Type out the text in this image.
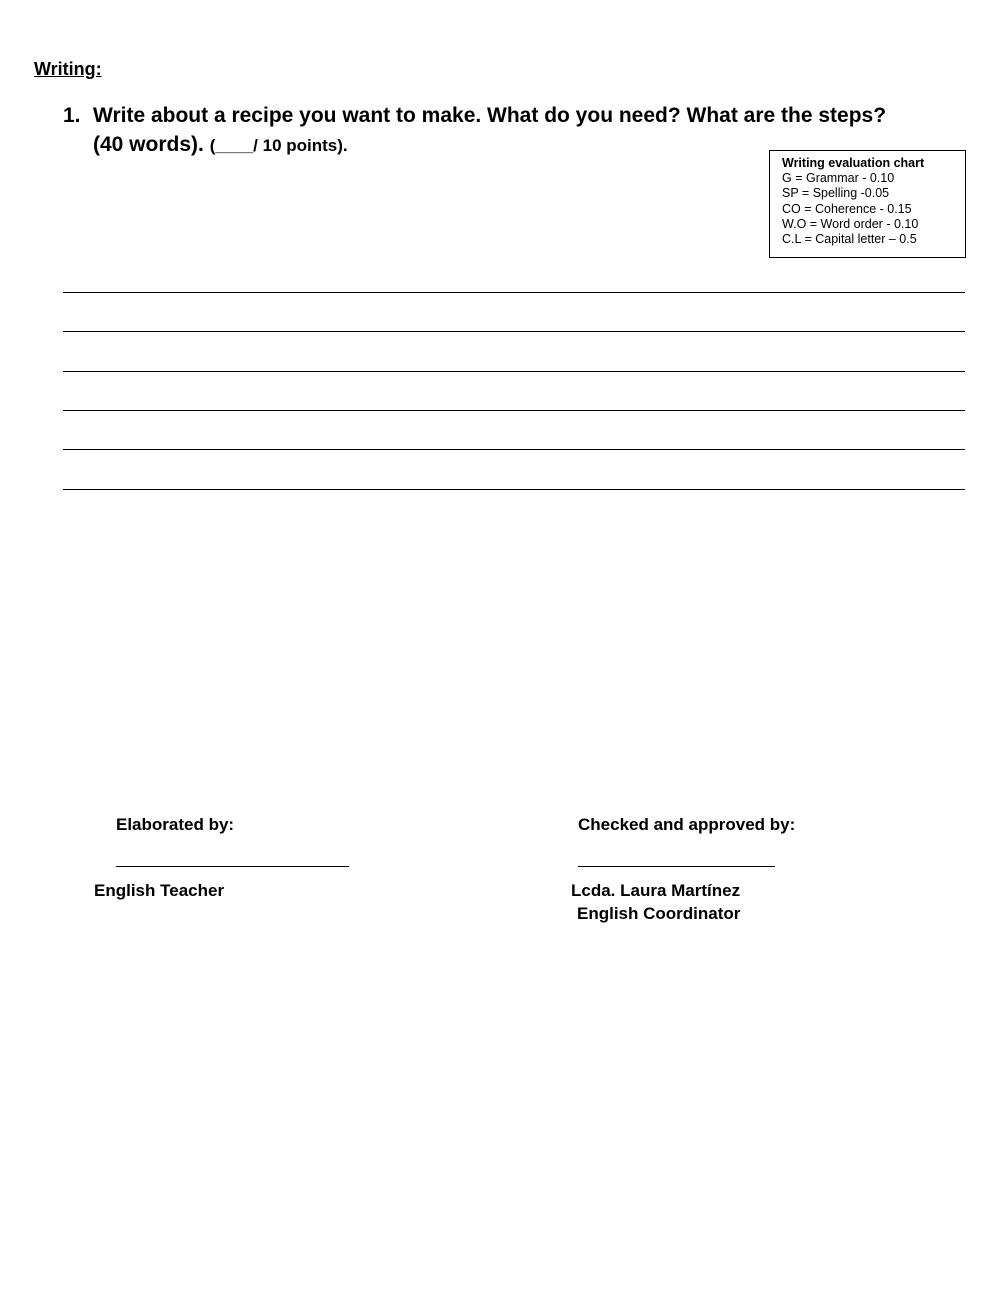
Writing:
1. Write about a recipe you want to make. What do you need? What are the steps?
(40 words). (____/ 10 points).
Writing evaluation chart
G = Grammar - 0.10
SP = Spelling -0.05
CO = Coherence - 0.15
W.O = Word order - 0.10
C.L = Capital letter – 0.5
Elaborated by:
English Teacher
Checked and approved by:
Lcda. Laura Martínez
English Coordinator
